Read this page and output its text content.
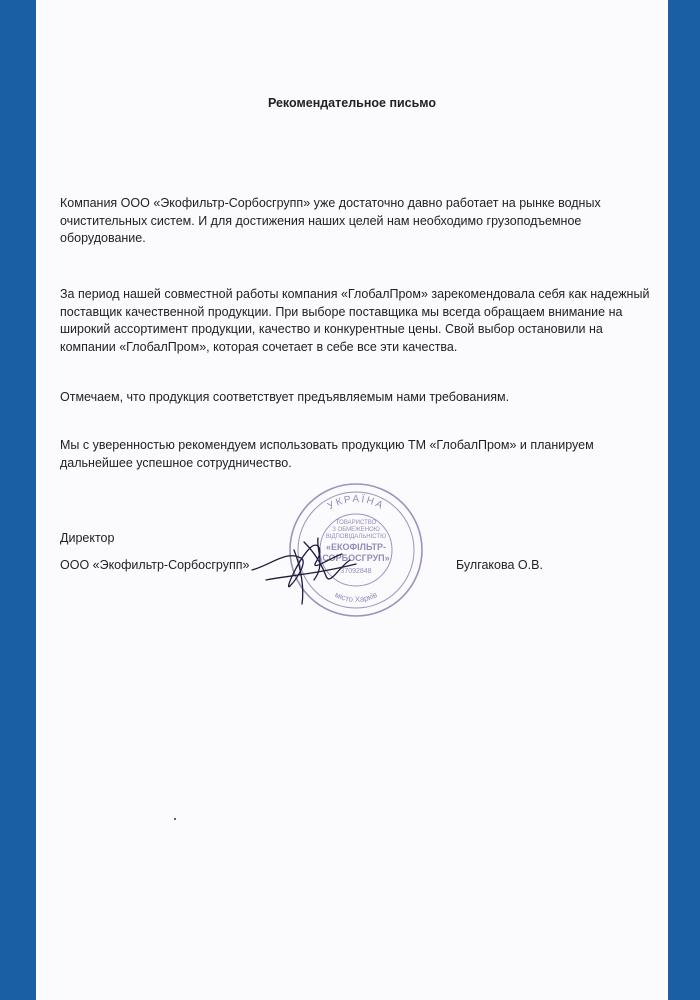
Рекомендательное письмо
Компания ООО «Экофильтр-Сорбосгрупп» уже достаточно давно работает на рынке водных
очистительных систем. И для достижения наших целей нам необходимо грузоподъемное
оборудование.
За период нашей совместной работы компания «ГлобалПром» зарекомендовала себя как надежный
поставщик качественной продукции. При выборе поставщика мы всегда обращаем внимание на
широкий ассортимент продукции, качество и конкурентные цены. Свой выбор остановили на
компании «ГлобалПром», которая сочетает в себе все эти качества.
Отмечаем, что продукция соответствует предъявляемым нами требованиям.
Мы с уверенностью рекомендуем использовать продукцию ТМ «ГлобалПром» и планируем
дальнейшее успешное сотрудничество.
Директор
ООО «Экофильтр-Сорбосгрупп»	Булгакова О.В.
УКРАЇНА
місто Харків
ТОВАРИСТВО
З ОБМЕЖЕНОЮ
ВІДПОВІДАЛЬНІСТЮ
«ЕКОФІЛЬТР-
СОРБОСГРУП»
37092848
